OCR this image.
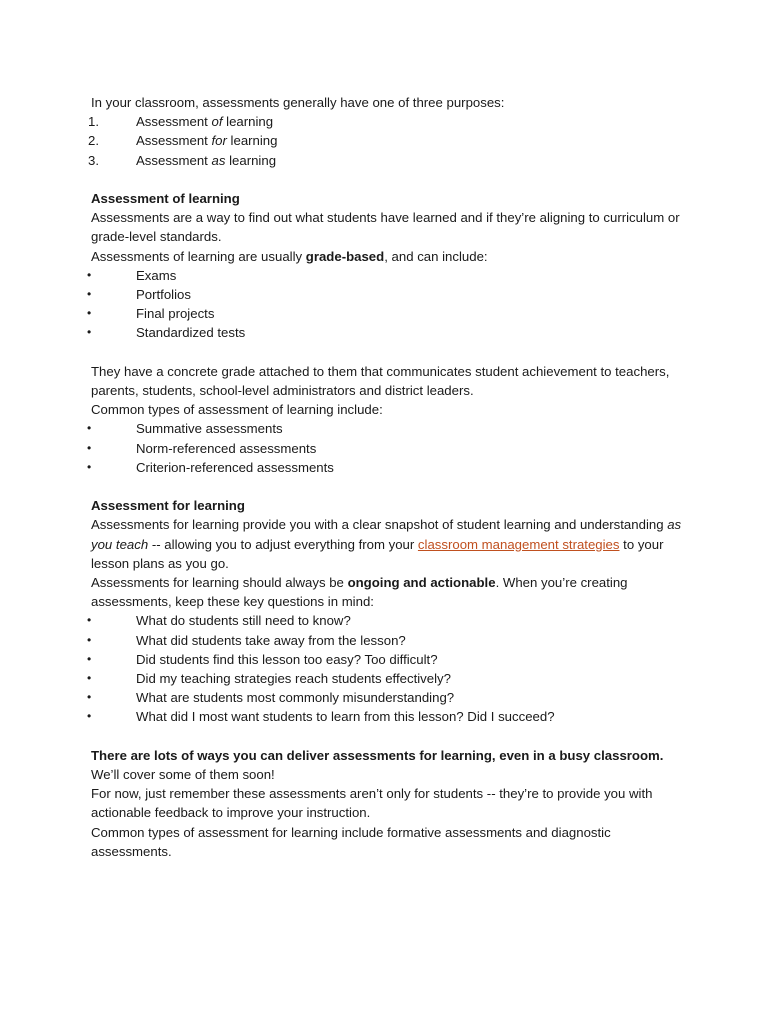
In your classroom, assessments generally have one of three purposes:

1.	Assessment of learning
2.	Assessment for learning
3.	Assessment as learning

Assessment of learning

Assessments are a way to find out what students have learned and if they’re aligning to curriculum or grade-level standards.

Assessments of learning are usually grade-based, and can include:

•	Exams
•	Portfolios
•	Final projects
•	Standardized tests

They have a concrete grade attached to them that communicates student achievement to teachers, parents, students, school-level administrators and district leaders.

Common types of assessment of learning include:

•	Summative assessments
•	Norm-referenced assessments
•	Criterion-referenced assessments

Assessment for learning

Assessments for learning provide you with a clear snapshot of student learning and understanding as you teach -- allowing you to adjust everything from your classroom management strategies to your lesson plans as you go.

Assessments for learning should always be ongoing and actionable. When you’re creating assessments, keep these key questions in mind:

•	What do students still need to know?
•	What did students take away from the lesson?
•	Did students find this lesson too easy? Too difficult?
•	Did my teaching strategies reach students effectively?
•	What are students most commonly misunderstanding?
•	What did I most want students to learn from this lesson? Did I succeed?

There are lots of ways you can deliver assessments for learning, even in a busy classroom. We’ll cover some of them soon!

For now, just remember these assessments aren’t only for students -- they’re to provide you with actionable feedback to improve your instruction.

Common types of assessment for learning include formative assessments and diagnostic assessments.
